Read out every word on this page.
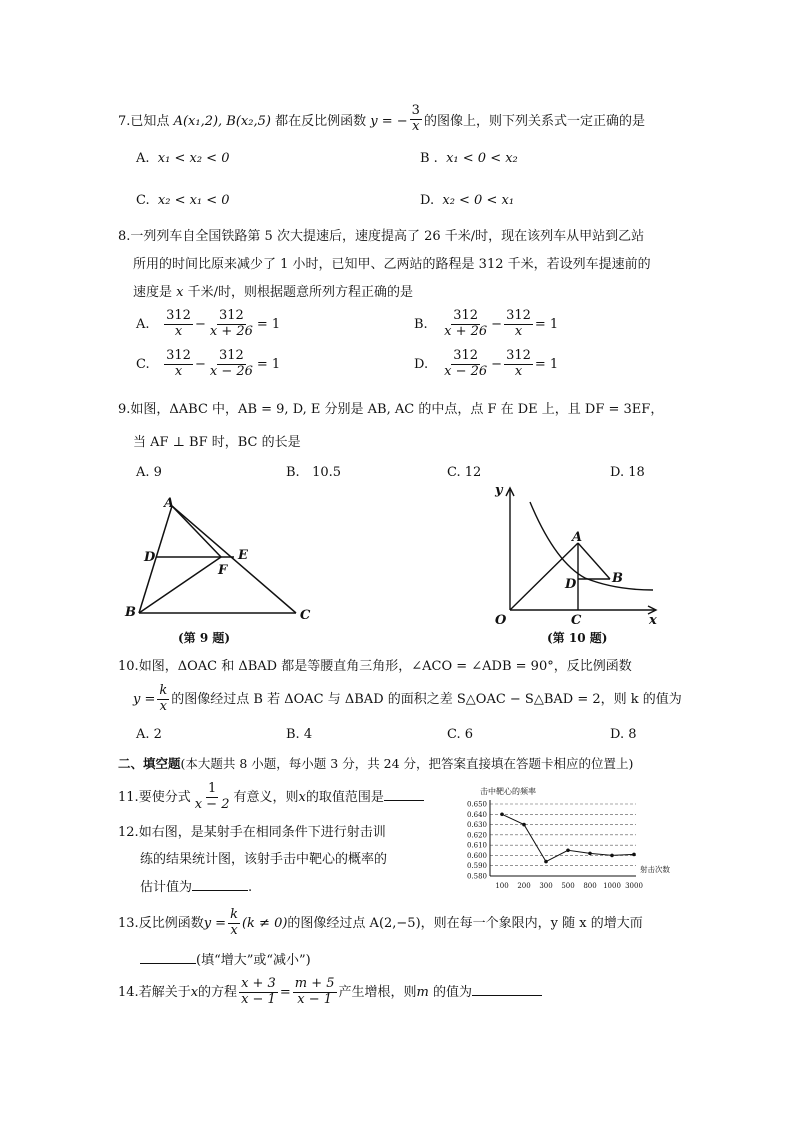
7.已知点 A(x₁,2), B(x₂,5) 都在反比例函数 y = − $\frac{3}{x}$ 的图像上，则下列关系式一定正确的是
A. x₁ < x₂ < 0	B . x₁ < 0 < x₂
C. x₂ < x₁ < 0	D. x₂ < 0 < x₁
8.一列列车自全国铁路第 5 次大提速后，速度提高了 26 千米/时，现在该列车从甲站到乙站
所用的时间比原来减少了 1 小时，已知甲、乙两站的路程是 312 千米，若设列车提速前的
速度是 x 千米/时，则根据题意所列方程正确的是
A. $\frac{312}{x} - \frac{312}{x + 26} = 1$	B. $\frac{312}{x + 26} - \frac{312}{x} = 1$
C. $\frac{312}{x} - \frac{312}{x - 26} = 1$	D. $\frac{312}{x - 26} - \frac{312}{x} = 1$
9.如图，ΔABC 中，AB = 9, D, E 分别是 AB, AC 的中点，点 F 在 DE 上，且 DF = 3EF，
当 AF ⊥ BF 时，BC 的长是
A. 9	B. 10.5	C. 12	D. 18
A
D	E
F
B	C
(第 9 题)
y
x
O
A
B
C
D
(第 10 题)
10.如图，ΔOAC 和 ΔBAD 都是等腰直角三角形，∠ACO = ∠ADB = 90°，反比例函数
$y = \frac{k}{x}$ 的图像经过点 B 若 ΔOAC 与 ΔBAD 的面积之差 S△OAC − S△BAD = 2，则 k 的值为
A. 2	B. 4	C. 6	D. 8
二、填空题(本大题共 8 小题，每小题 3 分，共 24 分，把答案直接填在答题卡相应的位置上)
11.要使分式 $\frac{1}{x - 2}$ 有意义，则x的取值范围是
12.如右图，是某射手在相同条件下进行射击训
练的结果统计图，该射手击中靶心的概率的
估计值为	.
击中靶心的频率
0.650
0.640
0.630
0.620
0.610
0.600
0.590
0.580
100 200 300 500 800 1000 3000
射击次数
13.反比例函数$y = \frac{k}{x} (k \ne 0)$的图像经过点 A(2,−5)，则在每一个象限内，y 随 x 的增大而
(填“增大”或“减小”)
14.若解关于x的方程 $\frac{x + 3}{x - 1} = \frac{m + 5}{x - 1}$ 产生增根，则m 的值为
